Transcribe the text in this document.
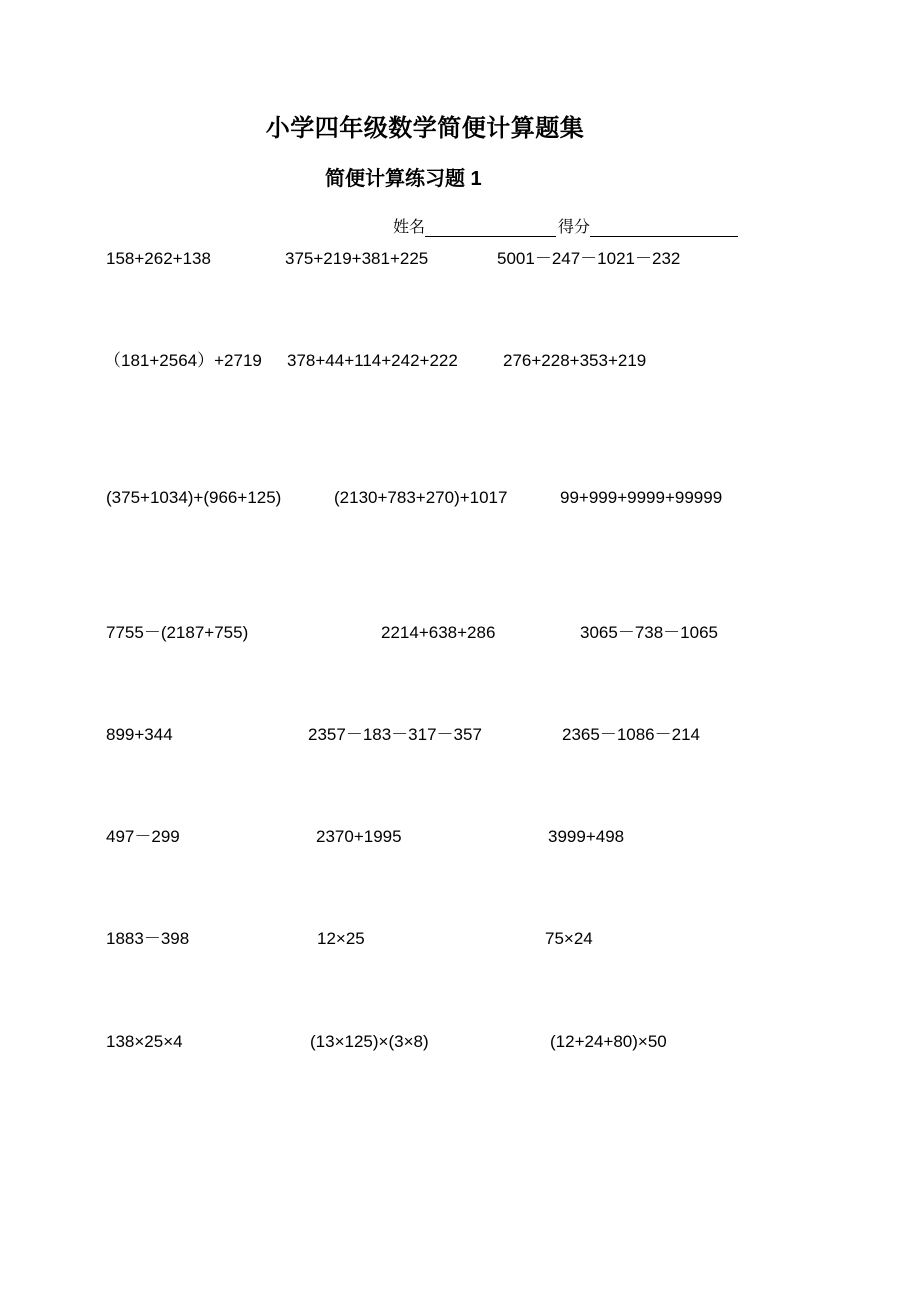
小学四年级数学简便计算题集
简便计算练习题 1
姓名	得分
158+262+138	375+219+381+225	5001－247－1021－232
（181+2564）+2719 378+44+114+242+222	276+228+353+219
(375+1034)+(966+125)	(2130+783+270)+1017	99+999+9999+99999
7755－(2187+755)	2214+638+286	3065－738－1065
899+344	2357－183－317－357	2365－1086－214
497－299	2370+1995	3999+498
1883－398	12×25	75×24
138×25×4	(13×125)×(3×8)	(12+24+80)×50
